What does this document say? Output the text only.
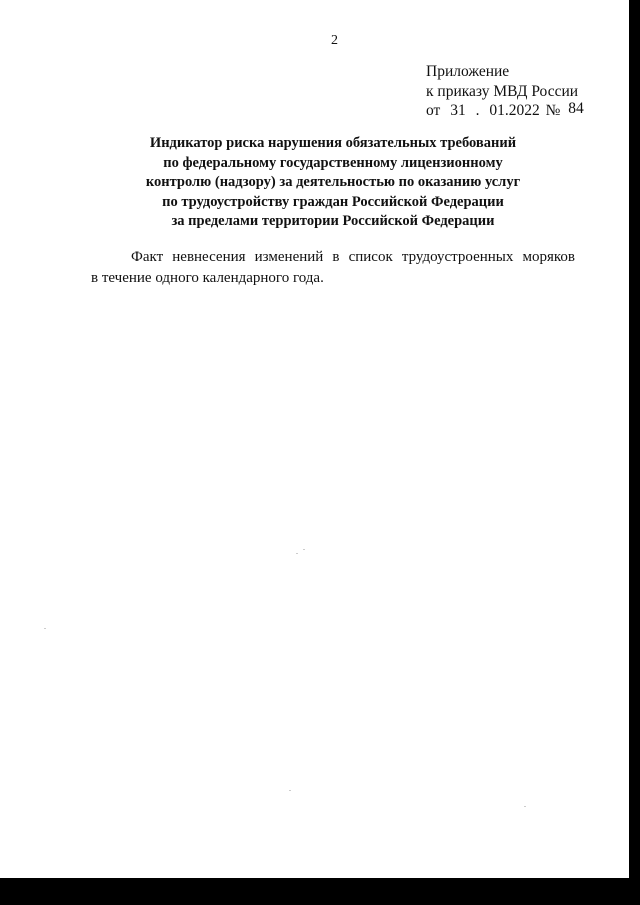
2
Приложение
к приказу МВД России
от 31 . 01.2022 № 84
Индикатор риска нарушения обязательных требований
по федеральному государственному лицензионному
контролю (надзору) за деятельностью по оказанию услуг
по трудоустройству граждан Российской Федерации
за пределами территории Российской Федерации
Факт невнесения изменений в список трудоустроенных моряков
в течение одного календарного года.
